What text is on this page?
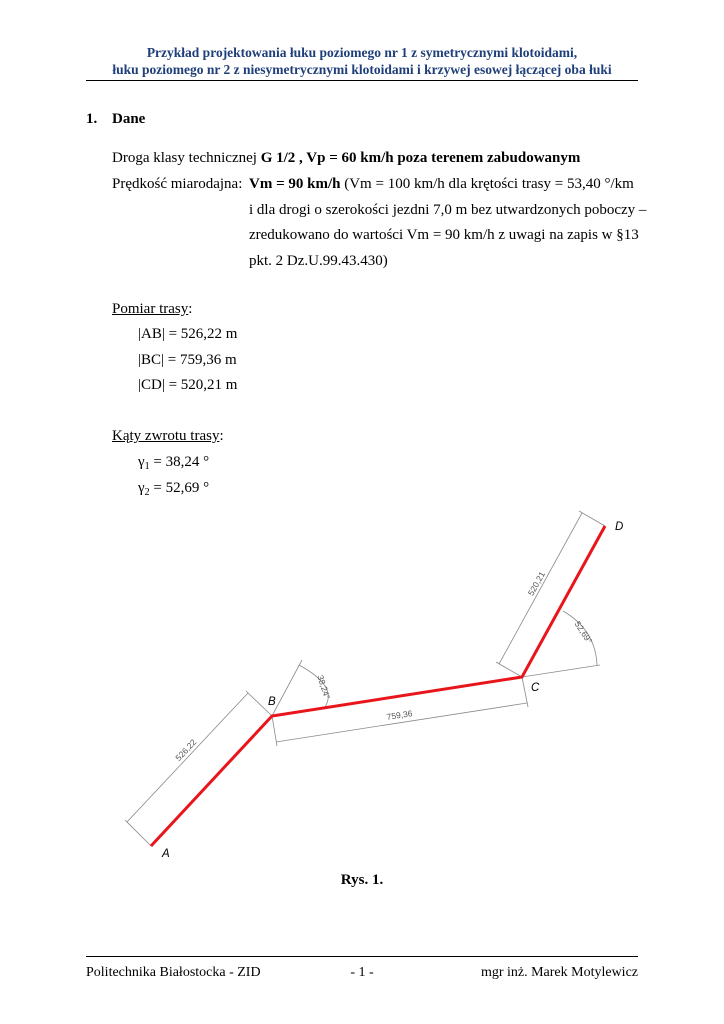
Przykład projektowania łuku poziomego nr 1 z symetrycznymi klotoidami,
łuku poziomego nr 2 z niesymetrycznymi klotoidami i krzywej esowej łączącej oba łuki
1. Dane
Droga klasy technicznej G 1/2 , Vp = 60 km/h poza terenem zabudowanym
Prędkość miarodajna: Vm = 90 km/h (Vm = 100 km/h dla krętości trasy = 53,40 °/km
i dla drogi o szerokości jezdni 7,0 m bez utwardzonych poboczy –
zredukowano do wartości Vm = 90 km/h z uwagi na zapis w §13
pkt. 2 Dz.U.99.43.430)
Pomiar trasy:
|AB| = 526,22 m
|BC| = 759,36 m
|CD| = 520,21 m
Kąty zwrotu trasy:
$\gamma_1 = 38,24$ °
$\gamma_2 = 52,69$ °
526,22
759,36
520,21
38,24°
52,69°
A
B
C
D
Rys. 1.
Politechnika Białostocka - ZID	- 1 -	mgr inż. Marek Motylewicz
